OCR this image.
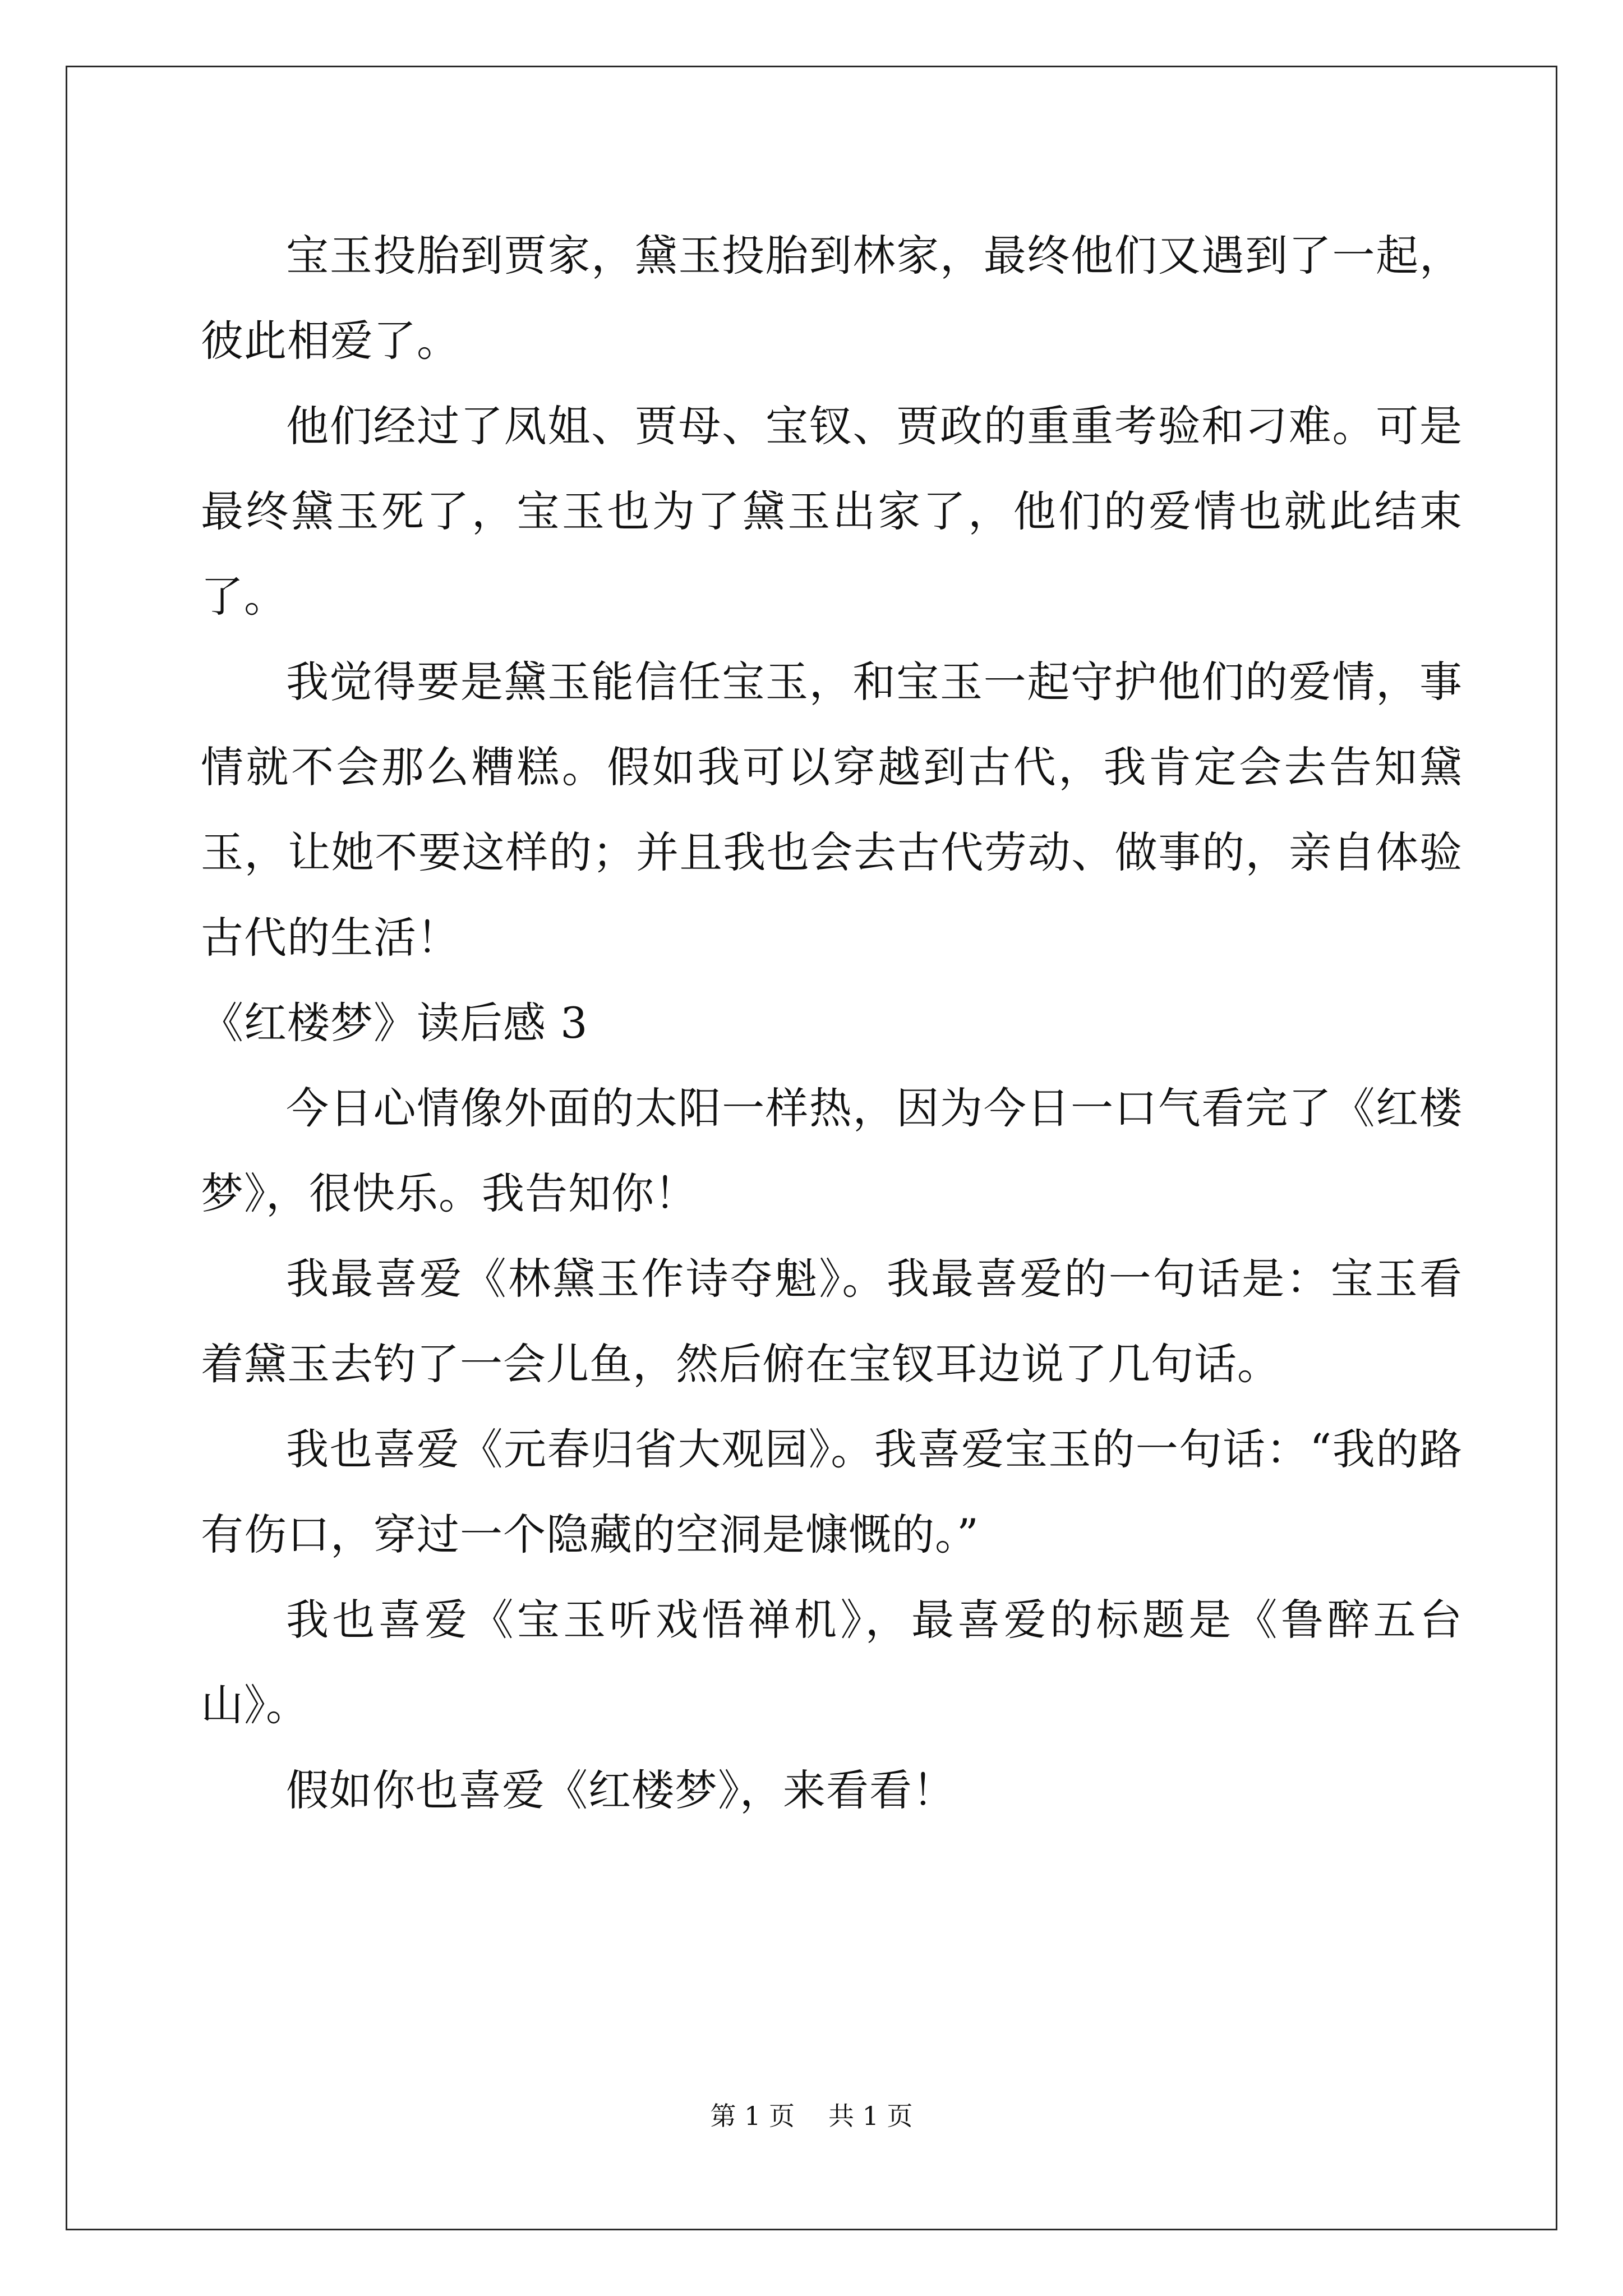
宝玉投胎到贾家，黛玉投胎到林家，最终他们又遇到了一起，彼此相爱了。

他们经过了凤姐、贾母、宝钗、贾政的重重考验和刁难。可是最终黛玉死了，宝玉也为了黛玉出家了，他们的爱情也就此结束了。

我觉得要是黛玉能信任宝玉，和宝玉一起守护他们的爱情，事情就不会那么糟糕。假如我可以穿越到古代，我肯定会去告知黛玉，让她不要这样的；并且我也会去古代劳动、做事的，亲自体验古代的生活！

《红楼梦》读后感 3

今日心情像外面的太阳一样热，因为今日一口气看完了《红楼梦》，很快乐。我告知你！

我最喜爱《林黛玉作诗夺魁》。我最喜爱的一句话是：宝玉看着黛玉去钓了一会儿鱼，然后俯在宝钗耳边说了几句话。

我也喜爱《元春归省大观园》。我喜爱宝玉的一句话：“我的路有伤口，穿过一个隐藏的空洞是慷慨的。”

我也喜爱《宝玉听戏悟禅机》，最喜爱的标题是《鲁醉五台山》。

假如你也喜爱《红楼梦》，来看看！

第 1 页 共 1 页
